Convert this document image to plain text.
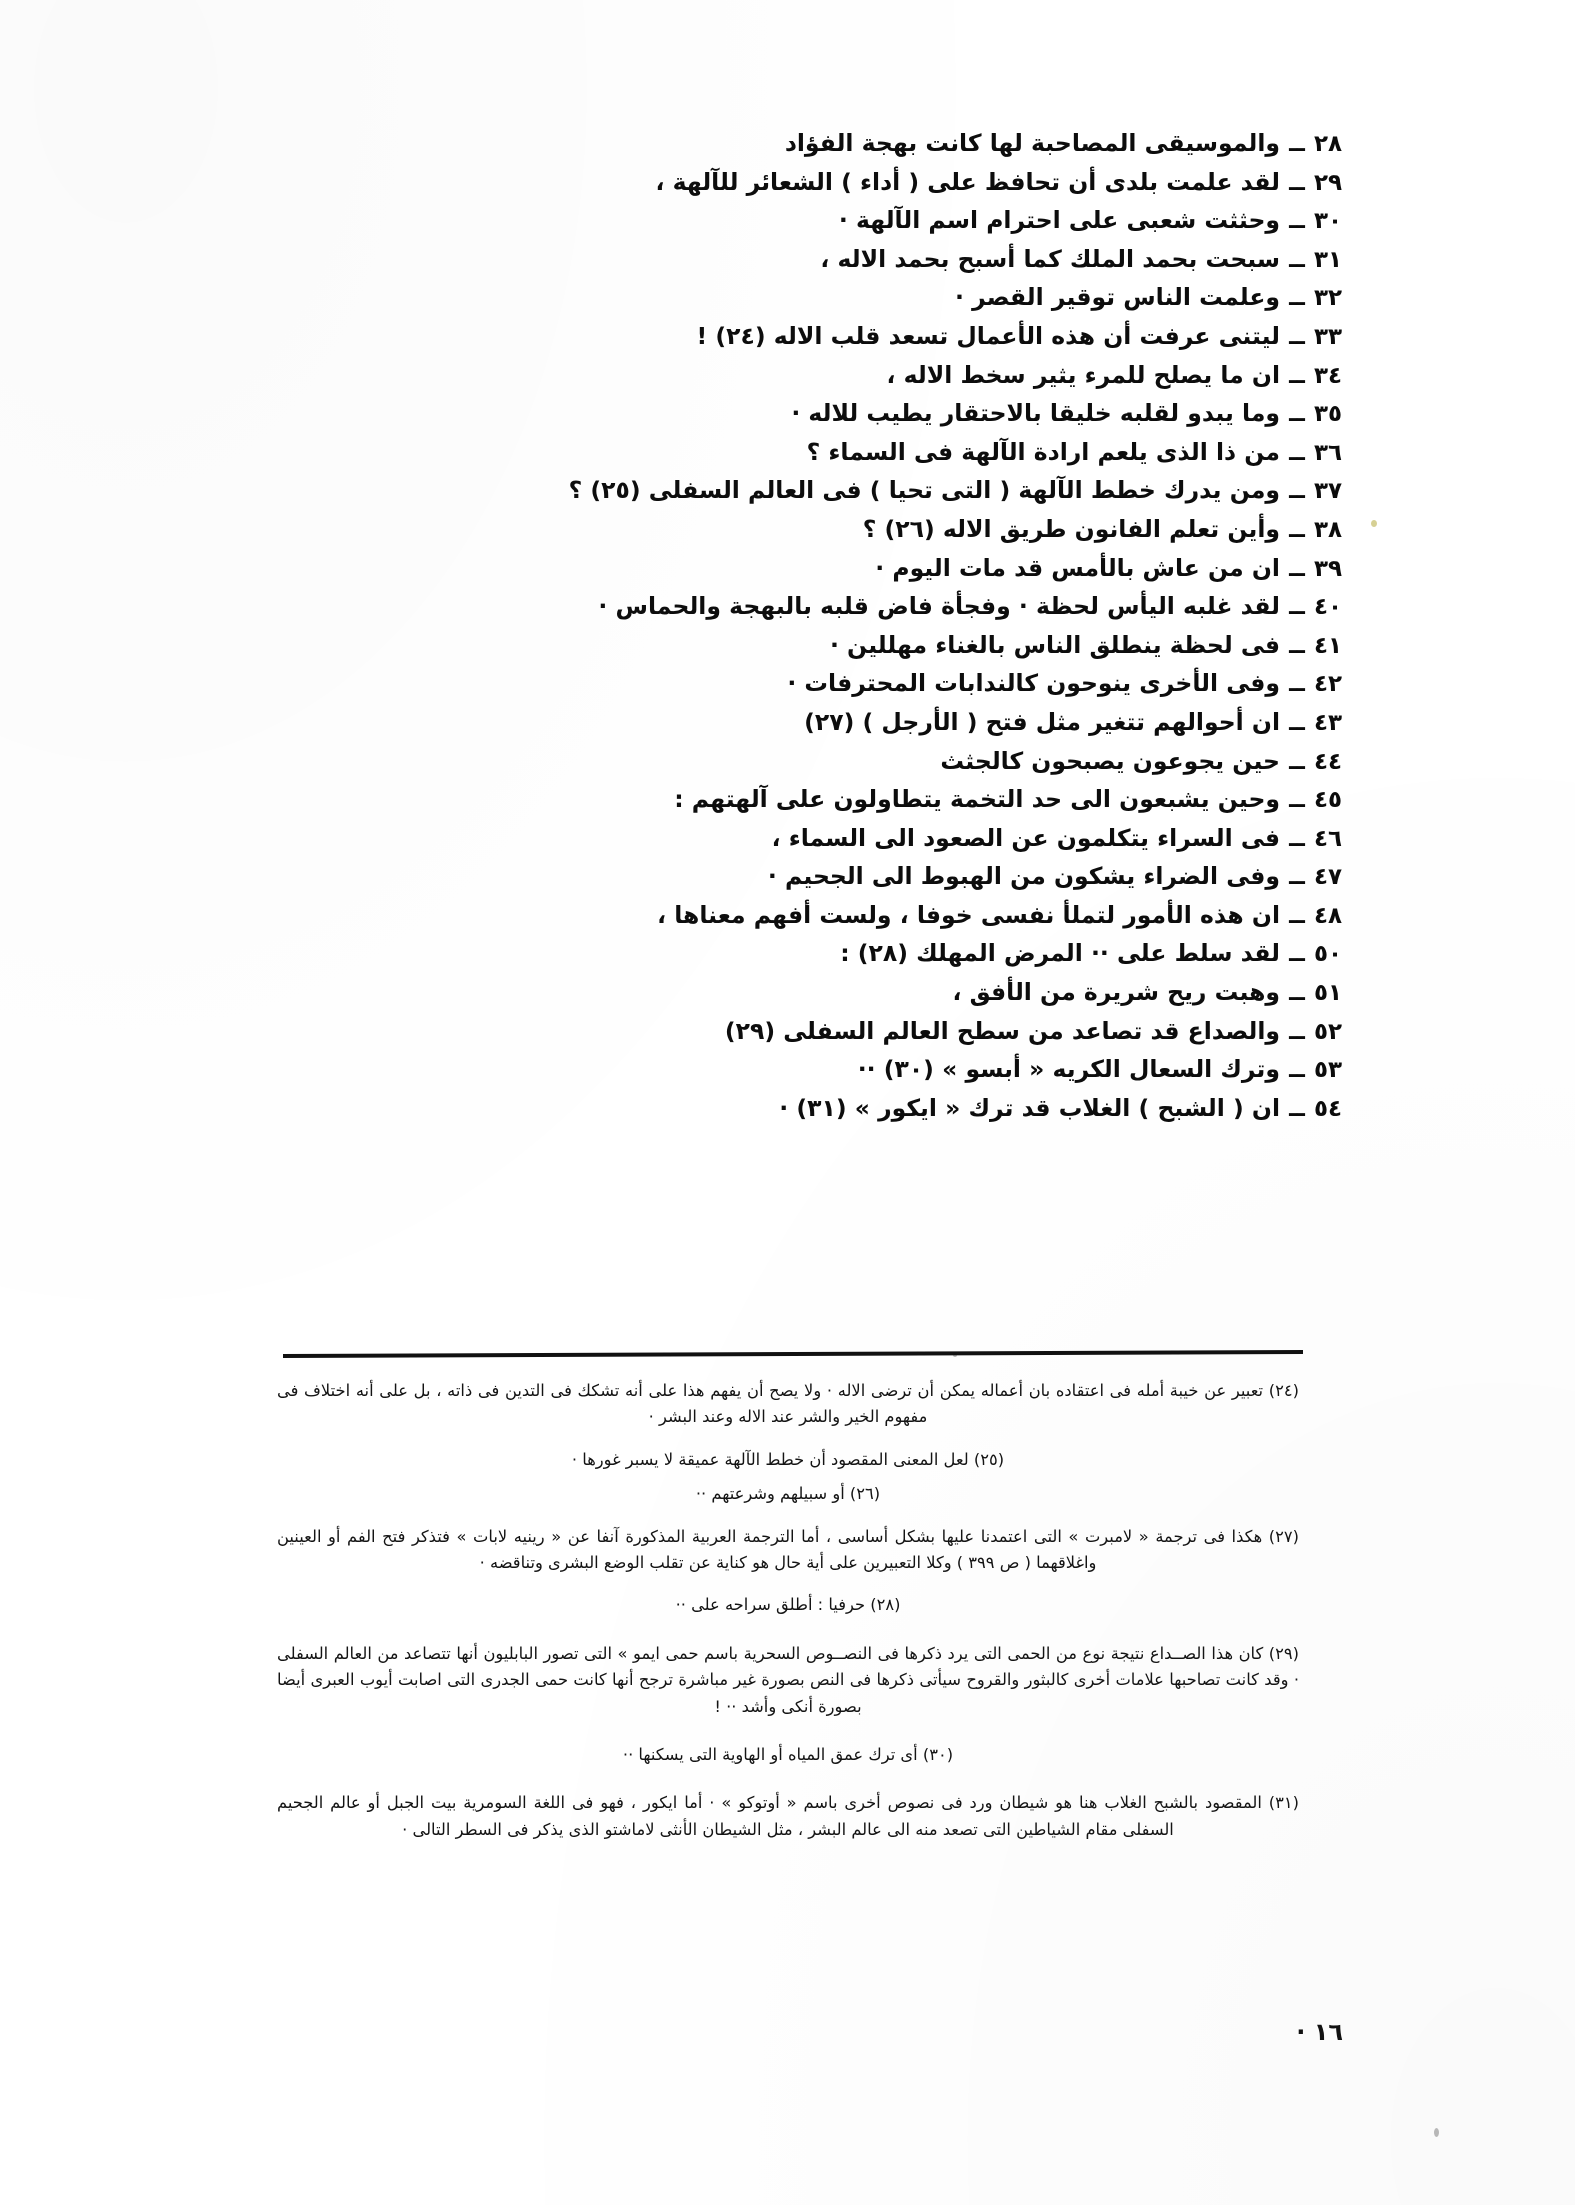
٢٨
ــ
والموسيقى المصاحبة لها كانت بهجة الفؤاد
٢٩
ــ
لقد علمت بلدى أن تحافظ على ( أداء ) الشعائر للآلهة ،
٣٠
ــ
وحثثت شعبى على احترام اسم الآلهة ·
٣١
ــ
سبحت بحمد الملك كما أسبح بحمد الاله ،
٣٢
ــ
وعلمت الناس توقير القصر ·
٣٣
ــ
ليتنى عرفت أن هذه الأعمال تسعد قلب الاله (٢٤) !
٣٤
ــ
ان ما يصلح للمرء يثير سخط الاله ،
٣٥
ــ
وما يبدو لقلبه خليقا بالاحتقار يطيب للاله ·
٣٦
ــ
من ذا الذى يلعم ارادة الآلهة فى السماء ؟
٣٧
ــ
ومن يدرك خطط الآلهة ( التى تحيا ) فى العالم السفلى (٢٥) ؟
٣٨
ــ
وأين تعلم الفانون طريق الاله (٢٦) ؟
٣٩
ــ
ان من عاش بالأمس قد مات اليوم ·
٤٠
ــ
لقد غلبه اليأس لحظة · وفجأة فاض قلبه بالبهجة والحماس ·
٤١
ــ
فى لحظة ينطلق الناس بالغناء مهللين ·
٤٢
ــ
وفى الأخرى ينوحون كالندابات المحترفات ·
٤٣
ــ
ان أحوالهم تتغير مثل فتح ( الأرجل ) (٢٧)
٤٤
ــ
حين يجوعون يصبحون كالجثث
٤٥
ــ
وحين يشبعون الى حد التخمة يتطاولون على آلهتهم :
٤٦
ــ
فى السراء يتكلمون عن الصعود الى السماء ،
٤٧
ــ
وفى الضراء يشكون من الهبوط الى الجحيم ·
٤٨
ــ
ان هذه الأمور لتملأ نفسى خوفا ، ولست أفهم معناها ،
٥٠
ــ
لقد سلط على ·· المرض المهلك (٢٨) :
٥١
ــ
وهبت ريح شريرة من الأفق ،
٥٢
ــ
والصداع قد تصاعد من سطح العالم السفلى (٢٩)
٥٣
ــ
وترك السعال الكريه « أبسو » (٣٠) ··
٥٤
ــ
ان ( الشبح ) الغلاب قد ترك « ايكور » (٣١) ·
(٢٤) تعبير عن خيبة أمله فى اعتقاده بان أعماله يمكن أن ترضى الاله · ولا يصح أن يفهم هذا على أنه تشكك فى التدين فى ذاته ، بل على أنه اختلاف فى مفهوم الخير والشر عند الاله وعند البشر ·
(٢٥) لعل المعنى المقصود أن خطط الآلهة عميقة لا يسبر غورها ·
(٢٦) أو سبيلهم وشرعتهم ··
(٢٧) هكذا فى ترجمة « لامبرت » التى اعتمدنا عليها بشكل أساسى ، أما الترجمة العربية المذكورة آنفا عن « رينيه لابات » فتذكر فتح الفم أو العينين واغلاقهما ( ص ٣٩٩ ) وكلا التعبيرين على أية حال هو كناية عن تقلب الوضع البشرى وتناقضه ·
(٢٨) حرفيا : أطلق سراحه على ··
(٢٩) كان هذا الصــداع نتيجة نوع من الحمى التى يرد ذكرها فى النصــوص السحرية باسم حمى ايمو » التى تصور البابليون أنها تتصاعد من العالم السفلى · وقد كانت تصاحبها علامات أخرى كالبثور والقروح سيأتى ذكرها فى النص بصورة غير مباشرة ترجح أنها كانت حمى الجدرى التى اصابت أيوب العبرى أيضا بصورة أنكى وأشد ·· !
(٣٠) أى ترك عمق المياه أو الهاوية التى يسكنها ··
(٣١) المقصود بالشبح الغلاب هنا هو شيطان ورد فى نصوص أخرى باسم « أوتوكو » · أما ايكور ، فهو فى اللغة السومرية بيت الجبل أو عالم الجحيم السفلى مقام الشياطين التى تصعد منه الى عالم البشر ، مثل الشيطان الأنثى لاماشتو الذى يذكر فى السطر التالى ·
١٦ ·
